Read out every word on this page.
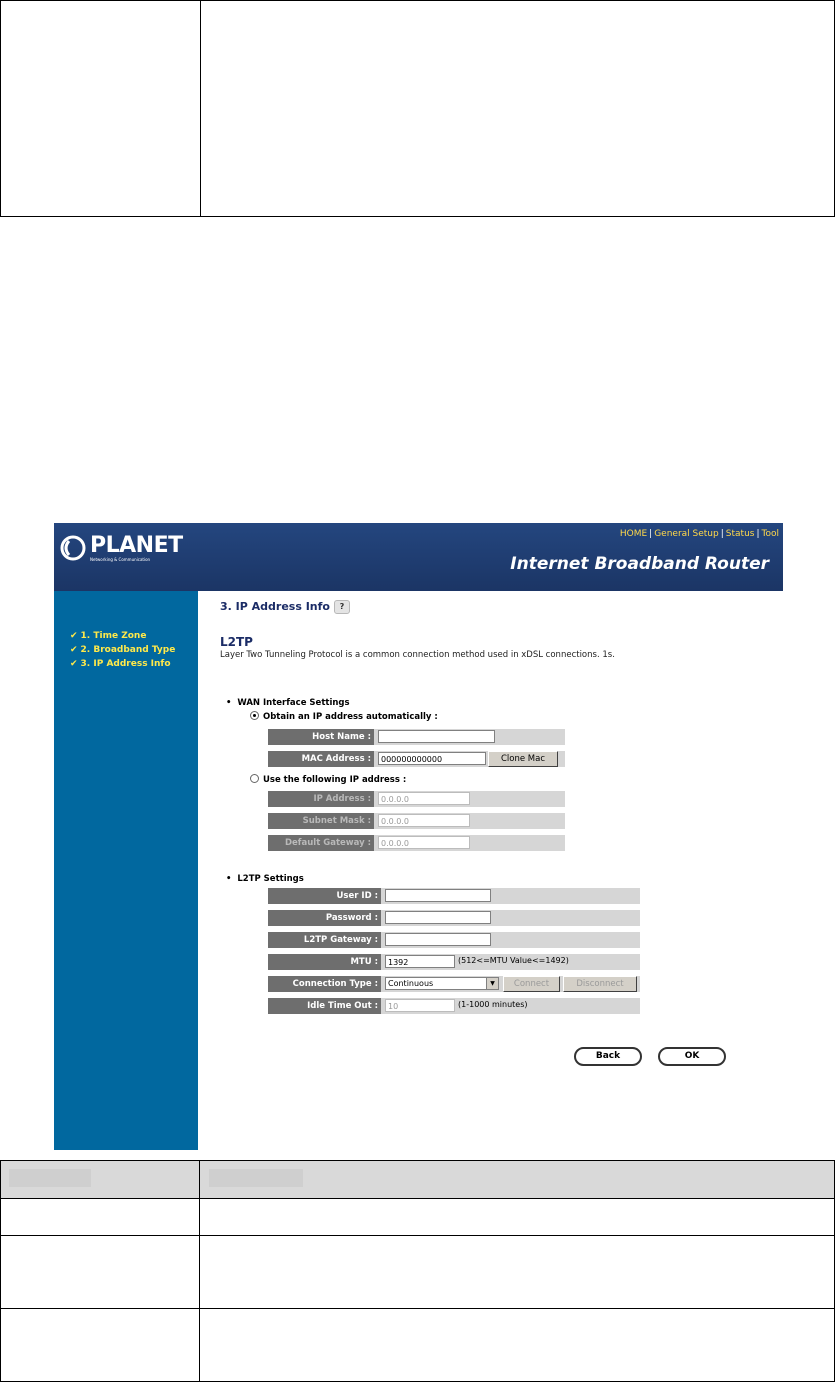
PLANET
Networking & Communication
HOME | General Setup | Status | Tool
Internet Broadband Router
✔ 1. Time Zone
✔ 2. Broadband Type
✔ 3. IP Address Info
3. IP Address Info ?
L2TP
Layer Two Tunneling Protocol is a common connection method used in xDSL connections. 1s.
•  WAN Interface Settings
Obtain an IP address automatically :
Host Name :
MAC Address :	000000000000	Clone Mac
Use the following IP address :
IP Address :	0.0.0.0
Subnet Mask :	0.0.0.0
Default Gateway :	0.0.0.0
•  L2TP Settings
User ID :
Password :
L2TP Gateway :
MTU :	1392	(512<=MTU Value<=1492)
Connection Type :	Continuous	▼	Connect	Disconnect
Idle Time Out :	10	(1-1000 minutes)
Back	OK
